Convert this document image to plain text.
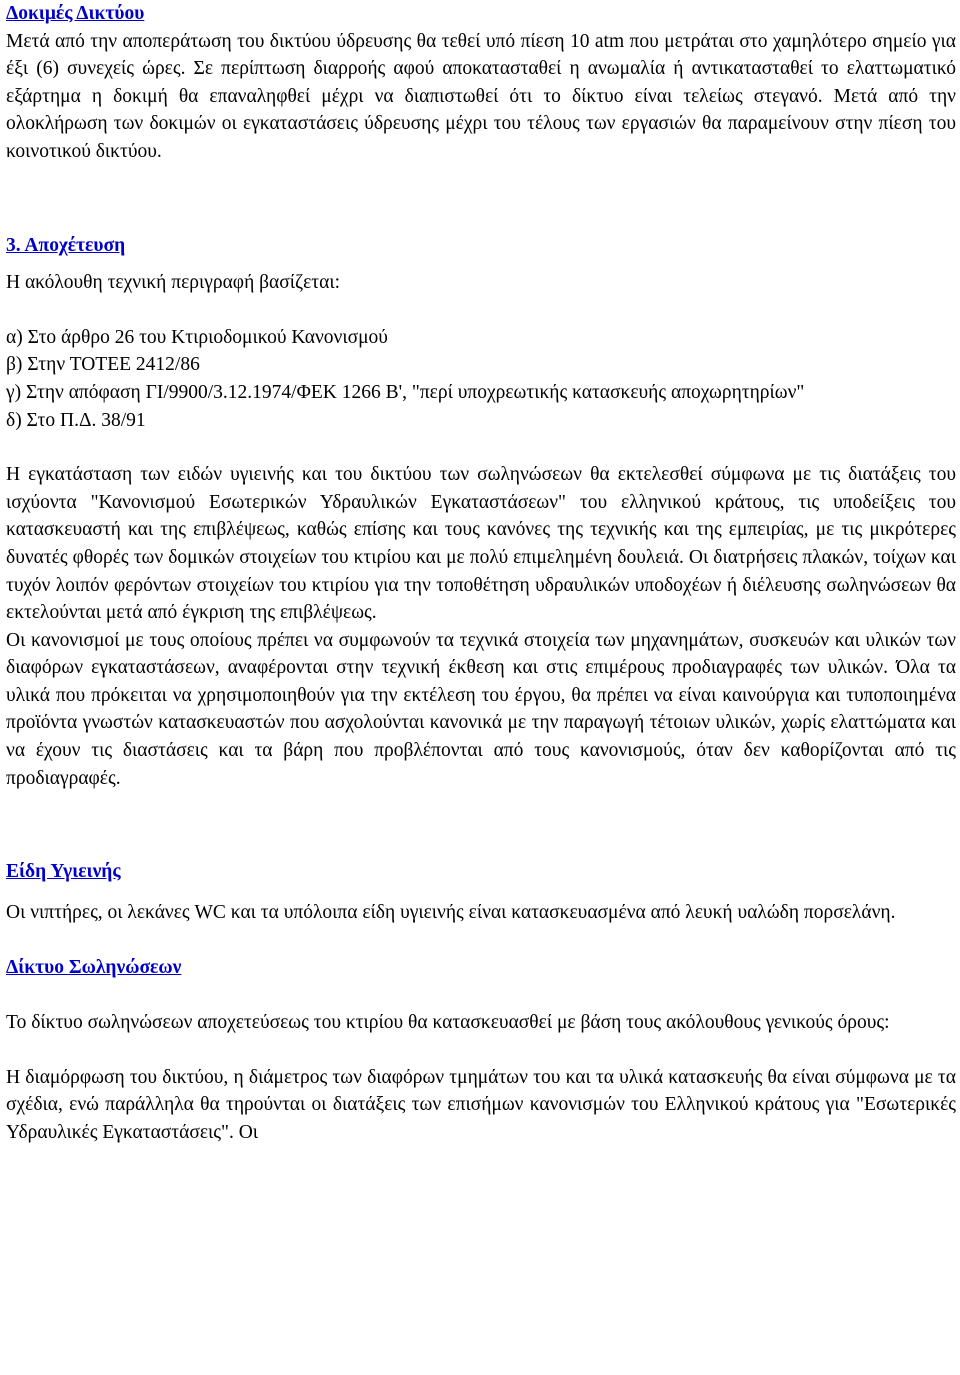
Δοκιμές Δικτύου

Μετά από την αποπεράτωση του δικτύου ύδρευσης θα τεθεί υπό πίεση 10 atm που μετράται στο χαμηλότερο σημείο για έξι (6) συνεχείς ώρες. Σε περίπτωση διαρροής αφού αποκατασταθεί η ανωμαλία ή αντικατασταθεί το ελαττωματικό εξάρτημα η δοκιμή θα επαναληφθεί μέχρι να διαπιστωθεί ότι το δίκτυο είναι τελείως στεγανό. Μετά από την ολοκλήρωση των δοκιμών οι εγκαταστάσεις ύδρευσης μέχρι του τέλους των εργασιών θα παραμείνουν στην πίεση του κοινοτικού δικτύου.

3. Αποχέτευση

Η ακόλουθη τεχνική περιγραφή βασίζεται:

α) Στο άρθρο 26 του Κτιριοδομικού Κανονισμού

β) Στην ΤΟΤΕΕ 2412/86

γ) Στην απόφαση ΓΙ/9900/3.12.1974/ΦΕΚ 1266 Β', "περί υποχρεωτικής κατασκευής αποχωρητηρίων"

δ) Στο Π.Δ. 38/91

Η εγκατάσταση των ειδών υγιεινής και του δικτύου των σωληνώσεων θα εκτελεσθεί σύμφωνα με τις διατάξεις του ισχύοντα "Κανονισμού Εσωτερικών Υδραυλικών Εγκαταστάσεων" του ελληνικού κράτους, τις υποδείξεις του κατασκευαστή και της επιβλέψεως, καθώς επίσης και τους κανόνες της τεχνικής και της εμπειρίας, με τις μικρότερες δυνατές φθορές των δομικών στοιχείων του κτιρίου και με πολύ επιμελημένη δουλειά. Οι διατρήσεις πλακών, τοίχων και τυχόν λοιπόν φερόντων στοιχείων του κτιρίου για την τοποθέτηση υδραυλικών υποδοχέων ή διέλευσης σωληνώσεων θα εκτελούνται μετά από έγκριση της επιβλέψεως.

Οι κανονισμοί με τους οποίους πρέπει να συμφωνούν τα τεχνικά στοιχεία των μηχανημάτων, συσκευών και υλικών των διαφόρων εγκαταστάσεων, αναφέρονται στην τεχνική έκθεση και στις επιμέρους προδιαγραφές των υλικών. Όλα τα υλικά που πρόκειται να χρησιμοποιηθούν για την εκτέλεση του έργου, θα πρέπει να είναι καινούργια και τυποποιημένα προϊόντα γνωστών κατασκευαστών που ασχολούνται κανονικά με την παραγωγή τέτοιων υλικών, χωρίς ελαττώματα και να έχουν τις διαστάσεις και τα βάρη που προβλέπονται από τους κανονισμούς, όταν δεν καθορίζονται από τις προδιαγραφές.

Είδη Υγιεινής

Οι νιπτήρες, οι λεκάνες WC και τα υπόλοιπα είδη υγιεινής είναι κατασκευασμένα από λευκή υαλώδη πορσελάνη.

Δίκτυο Σωληνώσεων

Το δίκτυο σωληνώσεων αποχετεύσεως του κτιρίου θα κατασκευασθεί με βάση τους ακόλουθους γενικούς όρους:

Η διαμόρφωση του δικτύου, η διάμετρος των διαφόρων τμημάτων του και τα υλικά κατασκευής θα είναι σύμφωνα με τα σχέδια, ενώ παράλληλα θα τηρούνται οι διατάξεις των επισήμων κανονισμών του Ελληνικού κράτους για "Εσωτερικές Υδραυλικές Εγκαταστάσεις". Οι
